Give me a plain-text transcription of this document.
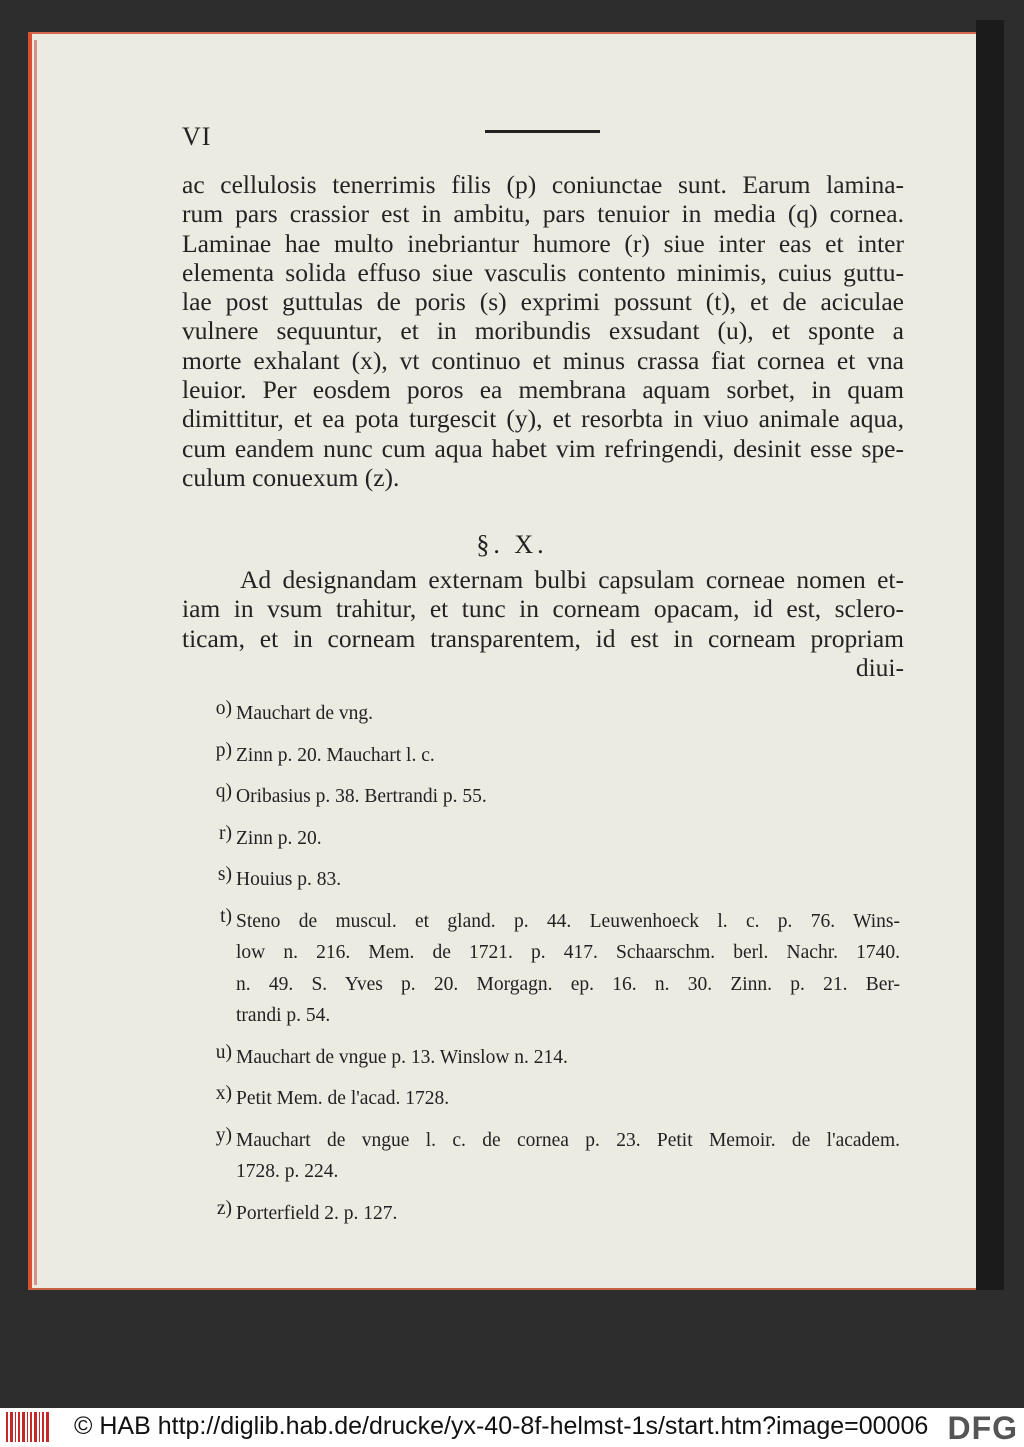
VI
ac cellulosis tenerrimis filis (p) coniunctae sunt. Earum lamina-
rum pars crassior est in ambitu, pars tenuior in media (q) cornea.
Laminae hae multo inebriantur humore (r) siue inter eas et inter
elementa solida effuso siue vasculis contento minimis, cuius guttu-
lae post guttulas de poris (s) exprimi possunt (t), et de aciculae
vulnere sequuntur, et in moribundis exsudant (u), et sponte a
morte exhalant (x), vt continuo et minus crassa fiat cornea et vna
leuior. Per eosdem poros ea membrana aquam sorbet, in quam
dimittitur, et ea pota turgescit (y), et resorbta in viuo animale aqua,
cum eandem nunc cum aqua habet vim refringendi, desinit esse spe-
culum conuexum (z).
§. X.
Ad designandam externam bulbi capsulam corneae nomen et-
iam in vsum trahitur, et tunc in corneam opacam, id est, sclero-
ticam, et in corneam transparentem, id est in corneam propriam
diui-
o) Mauchart de vng.
p) Zinn p. 20. Mauchart l. c.
q) Oribasius p. 38. Bertrandi p. 55.
r) Zinn p. 20.
s) Houius p. 83.
t) Steno de muscul. et gland. p. 44. Leuwenhoeck l. c. p. 76. Wins-
low n. 216. Mem. de 1721. p. 417. Schaarschm. berl. Nachr. 1740.
n. 49. S. Yves p. 20. Morgagn. ep. 16. n. 30. Zinn. p. 21. Ber-
trandi p. 54.
u) Mauchart de vngue p. 13. Winslow n. 214.
x) Petit Mem. de l'acad. 1728.
y) Mauchart de vngue l. c. de cornea p. 23. Petit Memoir. de l'academ.
1728. p. 224.
z) Porterfield 2. p. 127.
© HAB http://diglib.hab.de/drucke/yx-40-8f-helmst-1s/start.htm?image=00006 DFG
